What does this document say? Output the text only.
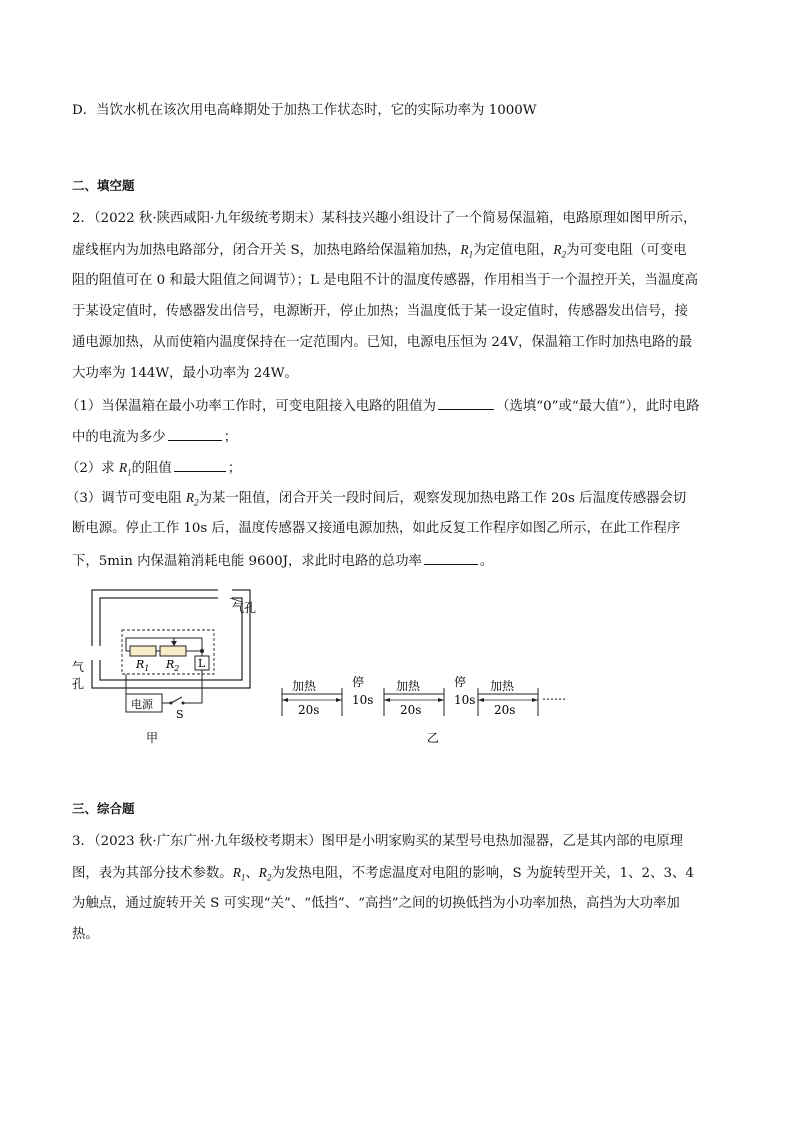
D．当饮水机在该次用电高峰期处于加热工作状态时，它的实际功率为 1000W
二、填空题
2．（2022 秋·陕西咸阳·九年级统考期末）某科技兴趣小组设计了一个简易保温箱，电路原理如图甲所示，
虚线框内为加热电路部分，闭合开关 S，加热电路给保温箱加热，$R_1$为定值电阻，$R_2$为可变电阻（可变电
阻的阻值可在 0 和最大阻值之间调节）；L 是电阻不计的温度传感器，作用相当于一个温控开关，当温度高
于某设定值时，传感器发出信号，电源断开，停止加热；当温度低于某一设定值时，传感器发出信号，接
通电源加热，从而使箱内温度保持在一定范围内。已知，电源电压恒为 24V，保温箱工作时加热电路的最
大功率为 144W，最小功率为 24W。
（1）当保温箱在最小功率工作时，可变电阻接入电路的阻值为	（选填“0”或“最大值”），此时电路
中的电流为多少	；
（2）求 $R_1$的阻值	；
（3）调节可变电阻 $R_2$为某一阻值，闭合开关一段时间后，观察发现加热电路工作 20s 后温度传感器会切
断电源。停止工作 10s 后，温度传感器又接通电源加热，如此反复工作程序如图乙所示，在此工作程序
下，5min 内保温箱消耗电能 9600J，求此时电路的总功率	。
气孔
气
孔
L
$R_1$ $R_2$
电源
S
甲
加热
20s
停
10s
加热
20s
停
10s
加热
20s
……
乙
三、综合题
3．（2023 秋·广东广州·九年级校考期末）图甲是小明家购买的某型号电热加湿器，乙是其内部的电原理
图，表为其部分技术参数。$R_1$、$R_2$为发热电阻，不考虑温度对电阻的影响，S 为旋转型开关，1、2、3、4
为触点，通过旋转开关 S 可实现“关”、“低挡”、“高挡”之间的切换低挡为小功率加热，高挡为大功率加
热。
